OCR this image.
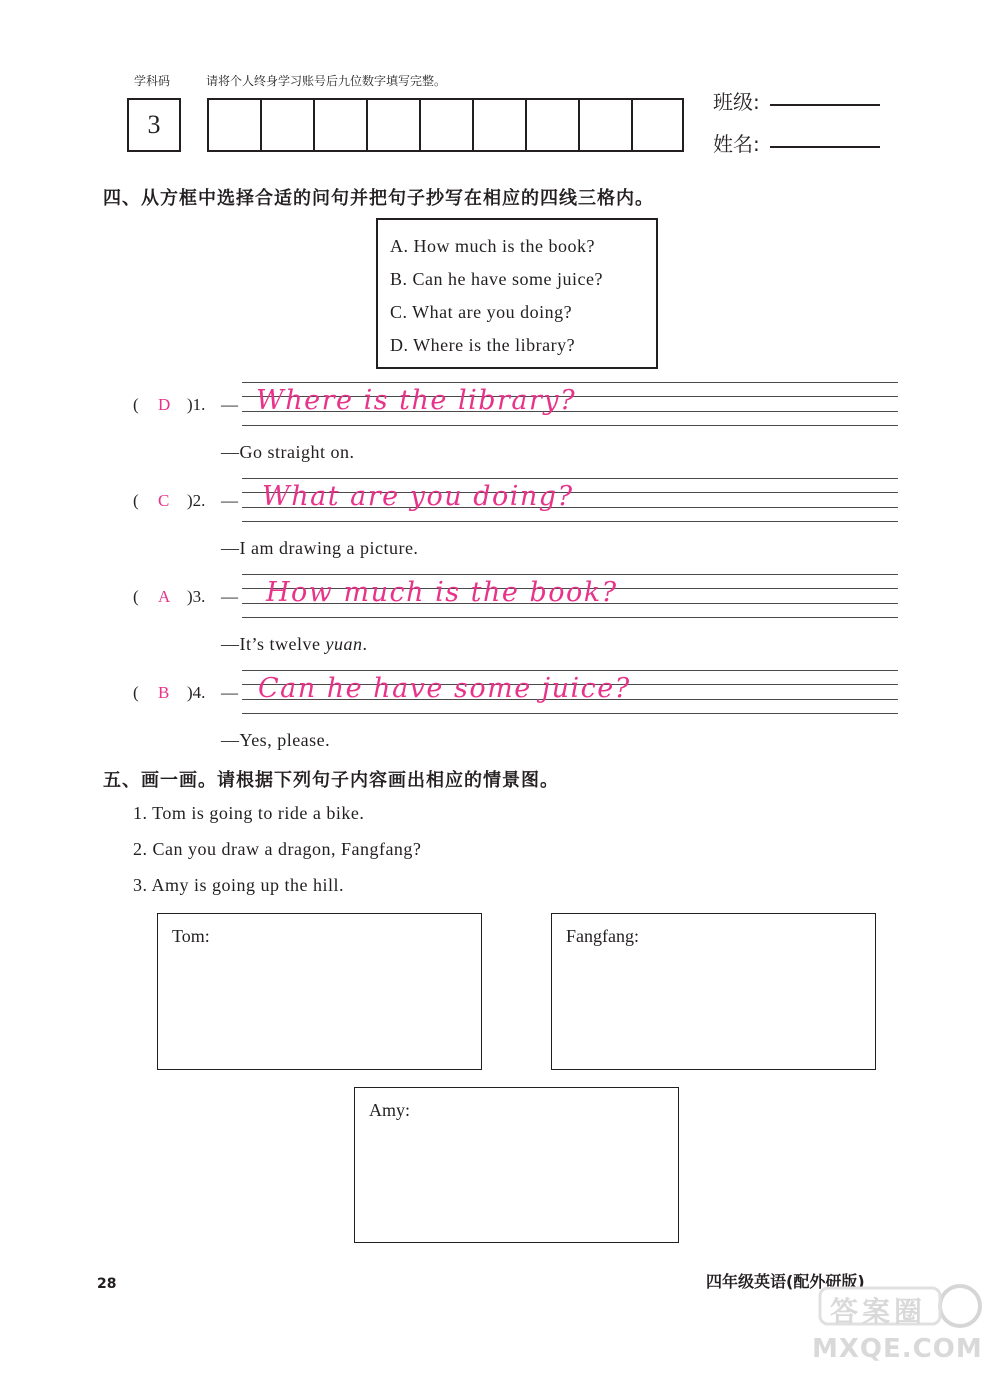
学科码	请将个人终身学习账号后九位数字填写完整。
3
班级:
姓名:
四、从方框中选择合适的问句并把句子抄写在相应的四线三格内。
A. How much is the book?
B. Can he have some juice?
C. What are you doing?
D. Where is the library?
( D )1. — Where is the library?
—Go straight on.
( C )2. — What are you doing?
—I am drawing a picture.
( A )3. — How much is the book?
—It’s twelve yuan.
( B )4. — Can he have some juice?
—Yes, please.
五、画一画。请根据下列句子内容画出相应的情景图。
1. Tom is going to ride a bike.
2. Can you draw a dragon, Fangfang?
3. Amy is going up the hill.
Tom:	Fangfang:
Amy:
28	四年级英语(配外研版)
答案圈
MXQE.COM
